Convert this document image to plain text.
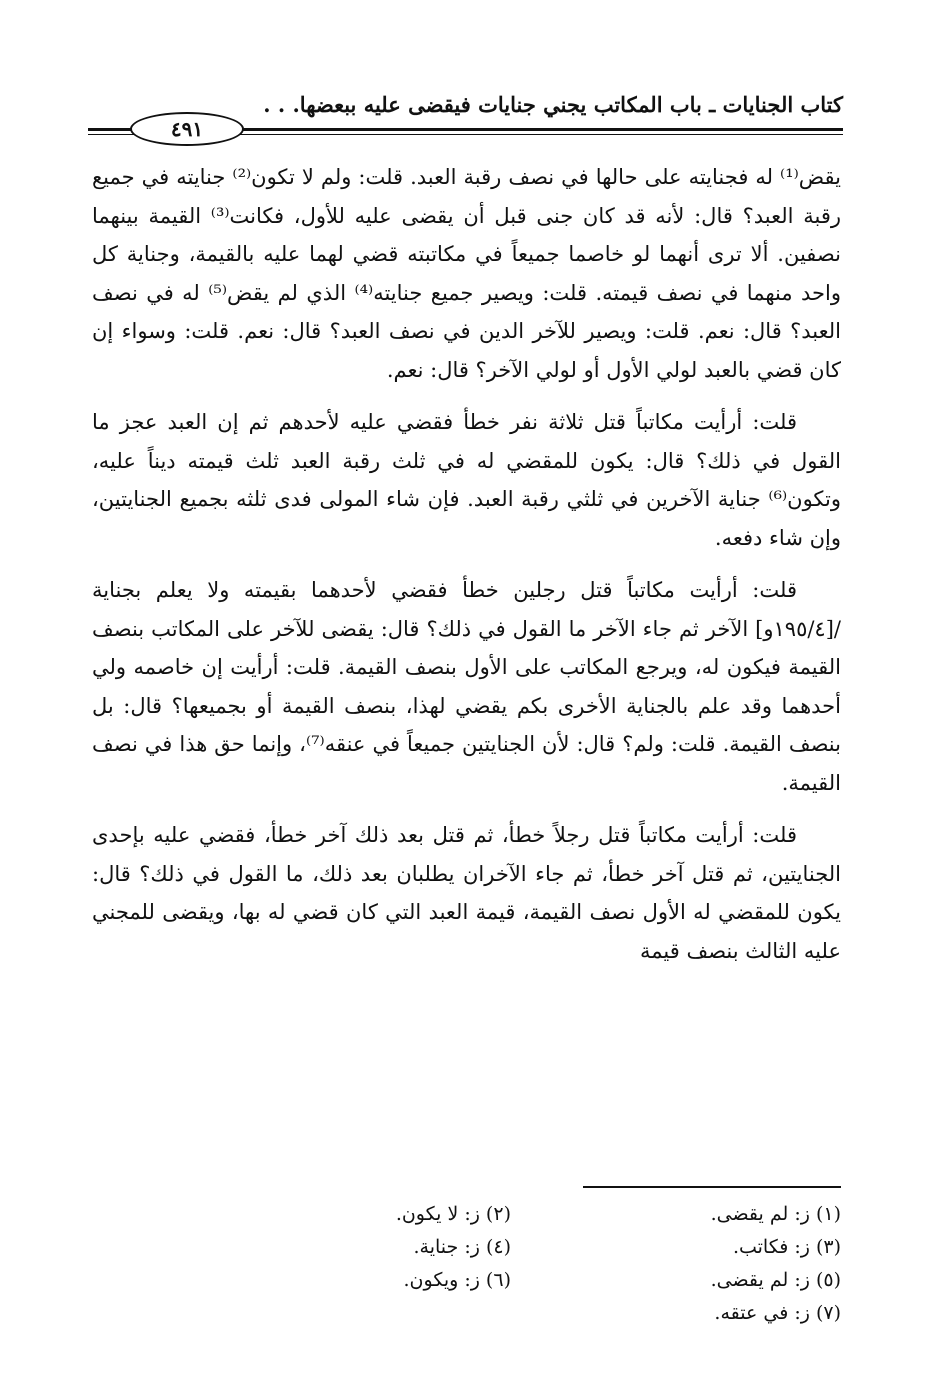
كتاب الجنايات ـ باب المكاتب يجني جنايات فيقضى عليه ببعضها. . .
٤٩١

يقض⁽¹⁾ له فجنايته على حالها في نصف رقبة العبد. قلت: ولم لا تكون⁽²⁾ جنايته في جميع رقبة العبد؟ قال: لأنه قد كان جنى قبل أن يقضى عليه للأول، فكانت⁽³⁾ القيمة بينهما نصفين. ألا ترى أنهما لو خاصما جميعاً في مكاتبته قضي لهما عليه بالقيمة، وجناية كل واحد منهما في نصف قيمته. قلت: ويصير جميع جنايته⁽⁴⁾ الذي لم يقض⁽⁵⁾ له في نصف العبد؟ قال: نعم. قلت: ويصير للآخر الدين في نصف العبد؟ قال: نعم. قلت: وسواء إن كان قضي بالعبد لولي الأول أو لولي الآخر؟ قال: نعم.

قلت: أرأيت مكاتباً قتل ثلاثة نفر خطأ فقضي عليه لأحدهم ثم إن العبد عجز ما القول في ذلك؟ قال: يكون للمقضي له في ثلث رقبة العبد ثلث قيمته ديناً عليه، وتكون⁽⁶⁾ جناية الآخرين في ثلثي رقبة العبد. فإن شاء المولى فدى ثلثه بجميع الجنايتين، وإن شاء دفعه.

قلت: أرأيت مكاتباً قتل رجلين خطأ فقضي لأحدهما بقيمته ولا يعلم بجناية /[١٩٥/٤و] الآخر ثم جاء الآخر ما القول في ذلك؟ قال: يقضى للآخر على المكاتب بنصف القيمة فيكون له، ويرجع المكاتب على الأول بنصف القيمة. قلت: أرأيت إن خاصمه ولي أحدهما وقد علم بالجناية الأخرى بكم يقضي لهذا، بنصف القيمة أو بجميعها؟ قال: بل بنصف القيمة. قلت: ولم؟ قال: لأن الجنايتين جميعاً في عنقه⁽⁷⁾، وإنما حق هذا في نصف القيمة.

قلت: أرأيت مكاتباً قتل رجلاً خطأ، ثم قتل بعد ذلك آخر خطأ، فقضي عليه بإحدى الجنايتين، ثم قتل آخر خطأ، ثم جاء الآخران يطلبان بعد ذلك، ما القول في ذلك؟ قال: يكون للمقضي له الأول نصف القيمة، قيمة العبد التي كان قضي له بها، ويقضى للمجني عليه الثالث بنصف قيمة

(١) ز: لم يقضى.
(٣) ز: فكاتب.
(٥) ز: لم يقضى.
(٧) ز: في عتقه.
(٢) ز: لا يكون.
(٤) ز: جناية.
(٦) ز: ويكون.
